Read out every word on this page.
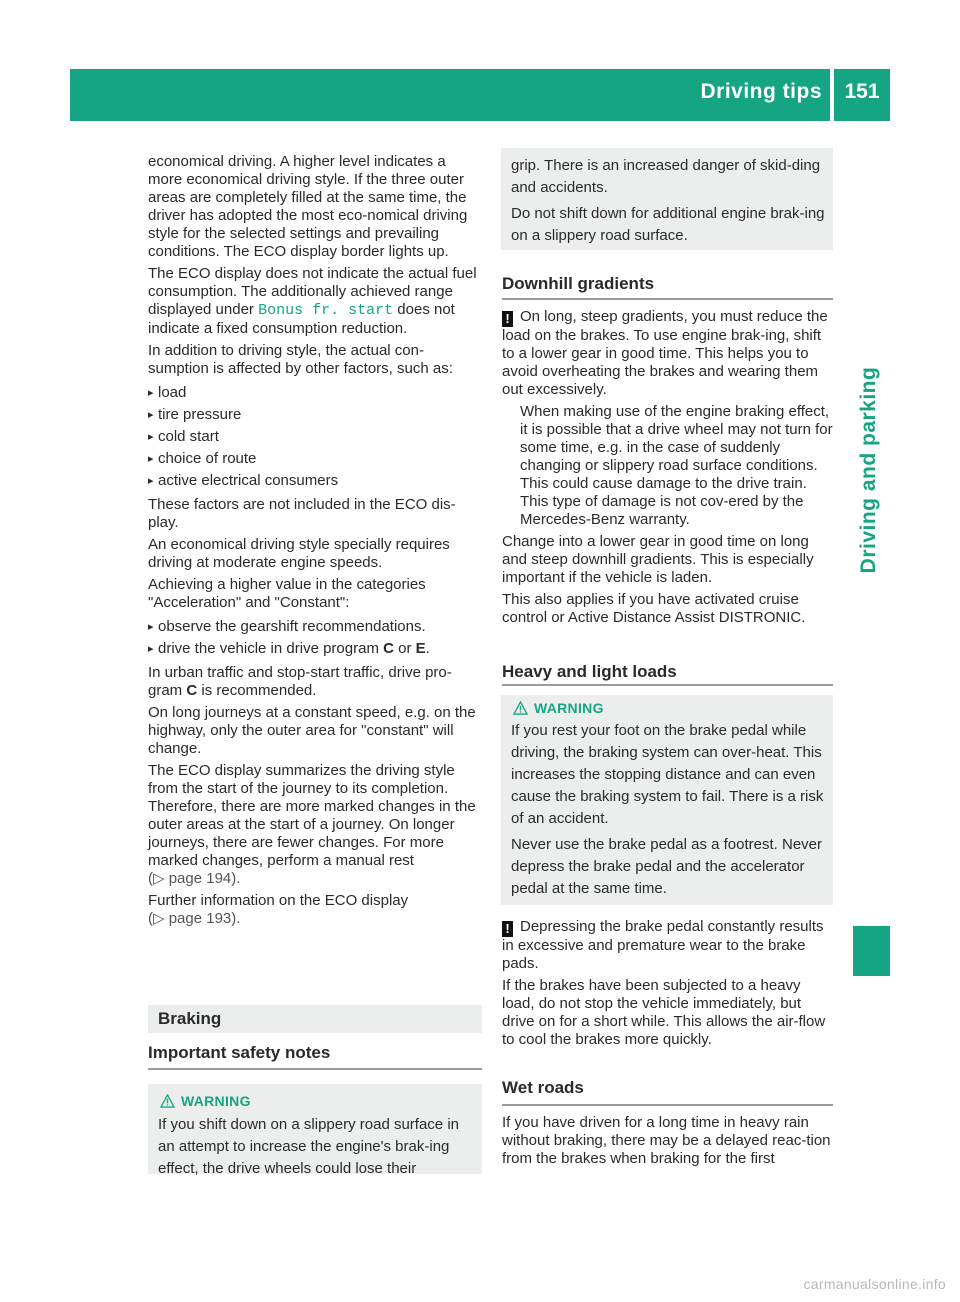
Driving tips	151
Driving and parking

economical driving. A higher level indicates a more economical driving style. If the three outer areas are completely filled at the same time, the driver has adopted the most eco-nomical driving style for the selected settings and prevailing conditions. The ECO display border lights up.

The ECO display does not indicate the actual fuel consumption. The additionally achieved range displayed under Bonus fr. start does not indicate a fixed consumption reduction.

In addition to driving style, the actual con-sumption is affected by other factors, such as:

▸ load
▸ tire pressure
▸ cold start
▸ choice of route
▸ active electrical consumers

These factors are not included in the ECO dis-play.

An economical driving style specially requires driving at moderate engine speeds.

Achieving a higher value in the categories "Acceleration" and "Constant":

▸ observe the gearshift recommendations.
▸ drive the vehicle in drive program C or E.

In urban traffic and stop-start traffic, drive pro-gram C is recommended.

On long journeys at a constant speed, e.g. on the highway, only the outer area for "constant" will change.

The ECO display summarizes the driving style from the start of the journey to its completion. Therefore, there are more marked changes in the outer areas at the start of a journey. On longer journeys, there are fewer changes. For more marked changes, perform a manual rest
(▷ page 194).

Further information on the ECO display
(▷ page 193).

Braking
Important safety notes
WARNING

If you shift down on a slippery road surface in an attempt to increase the engine's brak-ing effect, the drive wheels could lose their

grip. There is an increased danger of skid-ding and accidents.

Do not shift down for additional engine brak-ing on a slippery road surface.

Downhill gradients

! On long, steep gradients, you must reduce the load on the brakes. To use engine brak-ing, shift to a lower gear in good time. This helps you to avoid overheating the brakes and wearing them out excessively.

When making use of the engine braking effect, it is possible that a drive wheel may not turn for some time, e.g. in the case of suddenly changing or slippery road surface conditions. This could cause damage to the drive train. This type of damage is not cov-ered by the Mercedes-Benz warranty.

Change into a lower gear in good time on long and steep downhill gradients. This is especially important if the vehicle is laden.

This also applies if you have activated cruise control or Active Distance Assist DISTRONIC.

Heavy and light loads
WARNING

If you rest your foot on the brake pedal while driving, the braking system can over-heat. This increases the stopping distance and can even cause the braking system to fail. There is a risk of an accident.

Never use the brake pedal as a footrest. Never depress the brake pedal and the accelerator pedal at the same time.

! Depressing the brake pedal constantly results in excessive and premature wear to the brake pads.

If the brakes have been subjected to a heavy load, do not stop the vehicle immediately, but drive on for a short while. This allows the air-flow to cool the brakes more quickly.

Wet roads

If you have driven for a long time in heavy rain without braking, there may be a delayed reac-tion from the brakes when braking for the first

carmanualsonline.info
